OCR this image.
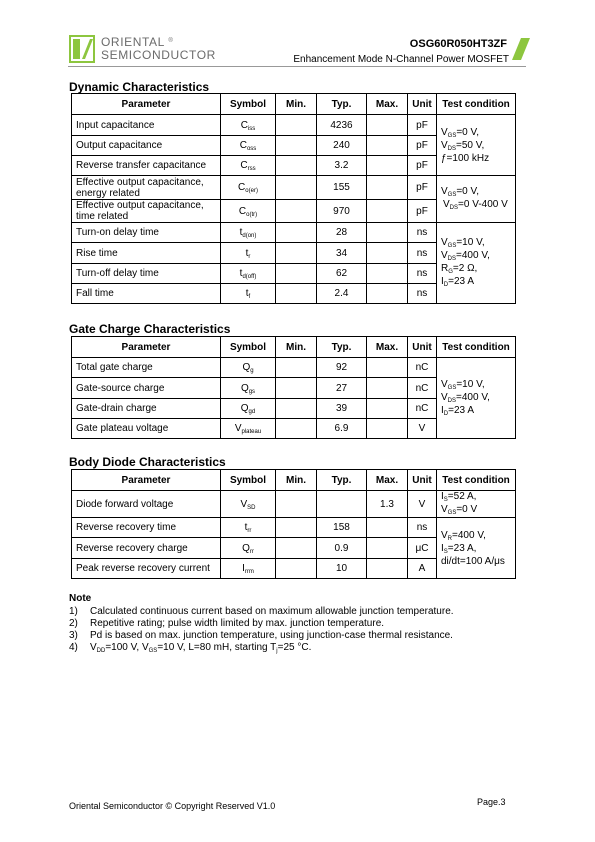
ORIENTAL ®
SEMICONDUCTOR
OSG60R050HT3ZF
Enhancement Mode N-Channel Power MOSFET
Dynamic Characteristics
Parameter	Symbol	Min.	Typ.	Max.	Unit	Test condition
Input capacitance	$C_{iss}$		4236		pF	$V_{GS}=0$ V,
$V_{DS}=50$ V,
ƒ=100 kHz

Output capacitance	$C_{oss}$		240		pF	
Reverse transfer capacitance	$C_{rss}$		3.2		pF	
Effective output capacitance, energy related	$C_{o(er)}$		155		pF	$V_{GS}=0$ V,
$V_{DS}=0$ V-400 V

Effective output capacitance, time related	$C_{o(tr)}$		970		pF	
Turn-on delay time	$t_{d(on)}$		28		ns	$V_{GS}=10$ V,
$V_{DS}=400$ V,
$R_G=2$ Ω,
$I_D=23$ A

Rise time	$t_r$		34		ns	
Turn-off delay time	$t_{d(off)}$		62		ns	
Fall time	$t_f$		2.4		ns	
Gate Charge Characteristics
Parameter	Symbol	Min.	Typ.	Max.	Unit	Test condition
Total gate charge	$Q_g$		92		nC	$V_{GS}=10$ V,
$V_{DS}=400$ V,
$I_D=23$ A

Gate-source charge	$Q_{gs}$		27		nC	
Gate-drain charge	$Q_{gd}$		39		nC	
Gate plateau voltage	$V_{plateau}$		6.9		V	
Body Diode Characteristics
Parameter	Symbol	Min.	Typ.	Max.	Unit	Test condition
Diode forward voltage	$V_{SD}$			1.3	V	$I_S=52$ A,
$V_{GS}=0$ V

Reverse recovery time	$t_{rr}$		158		ns	$V_R=400$ V,
$I_S=23$ A,
di/dt=100 A/μs

Reverse recovery charge	$Q_{rr}$		0.9		μC	
Peak reverse recovery current	$I_{rrm}$		10		A	
Note
1) Calculated continuous current based on maximum allowable junction temperature.
2) Repetitive rating; pulse width limited by max. junction temperature.
3) Pd is based on max. junction temperature, using junction-case thermal resistance.
4) $V_{DD}=100$ V, $V_{GS}=10$ V, L=80 mH, starting $T_j=25$ °C.
Oriental Semiconductor © Copyright Reserved V1.0	Page.3
